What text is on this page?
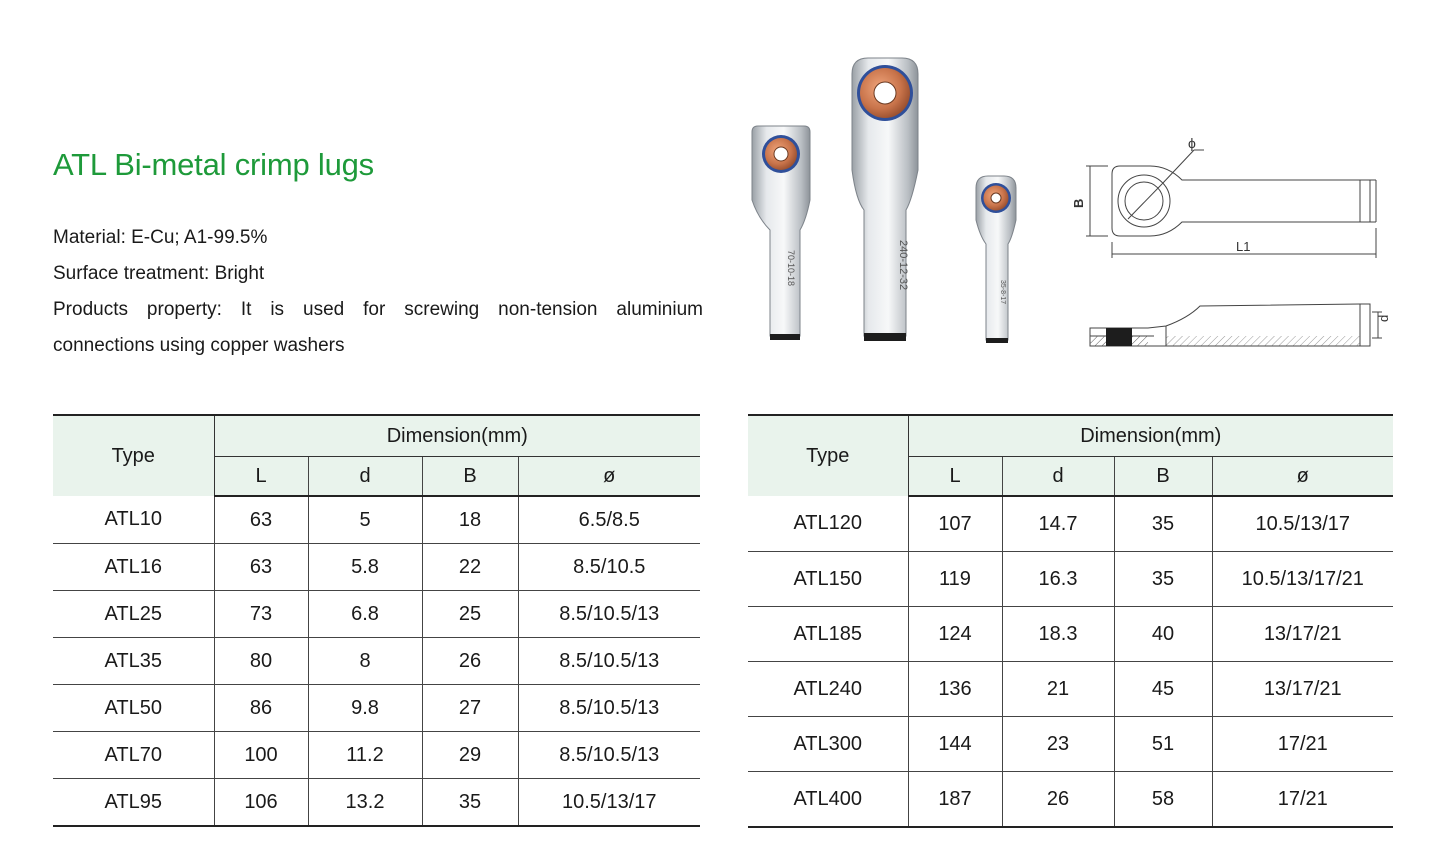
ATL Bi-metal crimp lugs

Material: E-Cu; A1-99.5%

Surface treatment: Bright

Products property: It is used for screwing non-tension aluminium

connections using copper washers

70-10-18	240-12-32
35-8-17
ϕ
B
L1
d
Type	Dimension(mm)			
	L	d	B	ø
ATL10	63	5	18	6.5/8.5
ATL16	63	5.8	22	8.5/10.5
ATL25	73	6.8	25	8.5/10.5/13
ATL35	80	8	26	8.5/10.5/13
ATL50	86	9.8	27	8.5/10.5/13
ATL70	100	11.2	29	8.5/10.5/13
ATL95	106	13.2	35	10.5/13/17
Type	Dimension(mm)			
	L	d	B	ø
ATL120	107	14.7	35	10.5/13/17
ATL150	119	16.3	35	10.5/13/17/21
ATL185	124	18.3	40	13/17/21
ATL240	136	21	45	13/17/21
ATL300	144	23	51	17/21
ATL400	187	26	58	17/21
